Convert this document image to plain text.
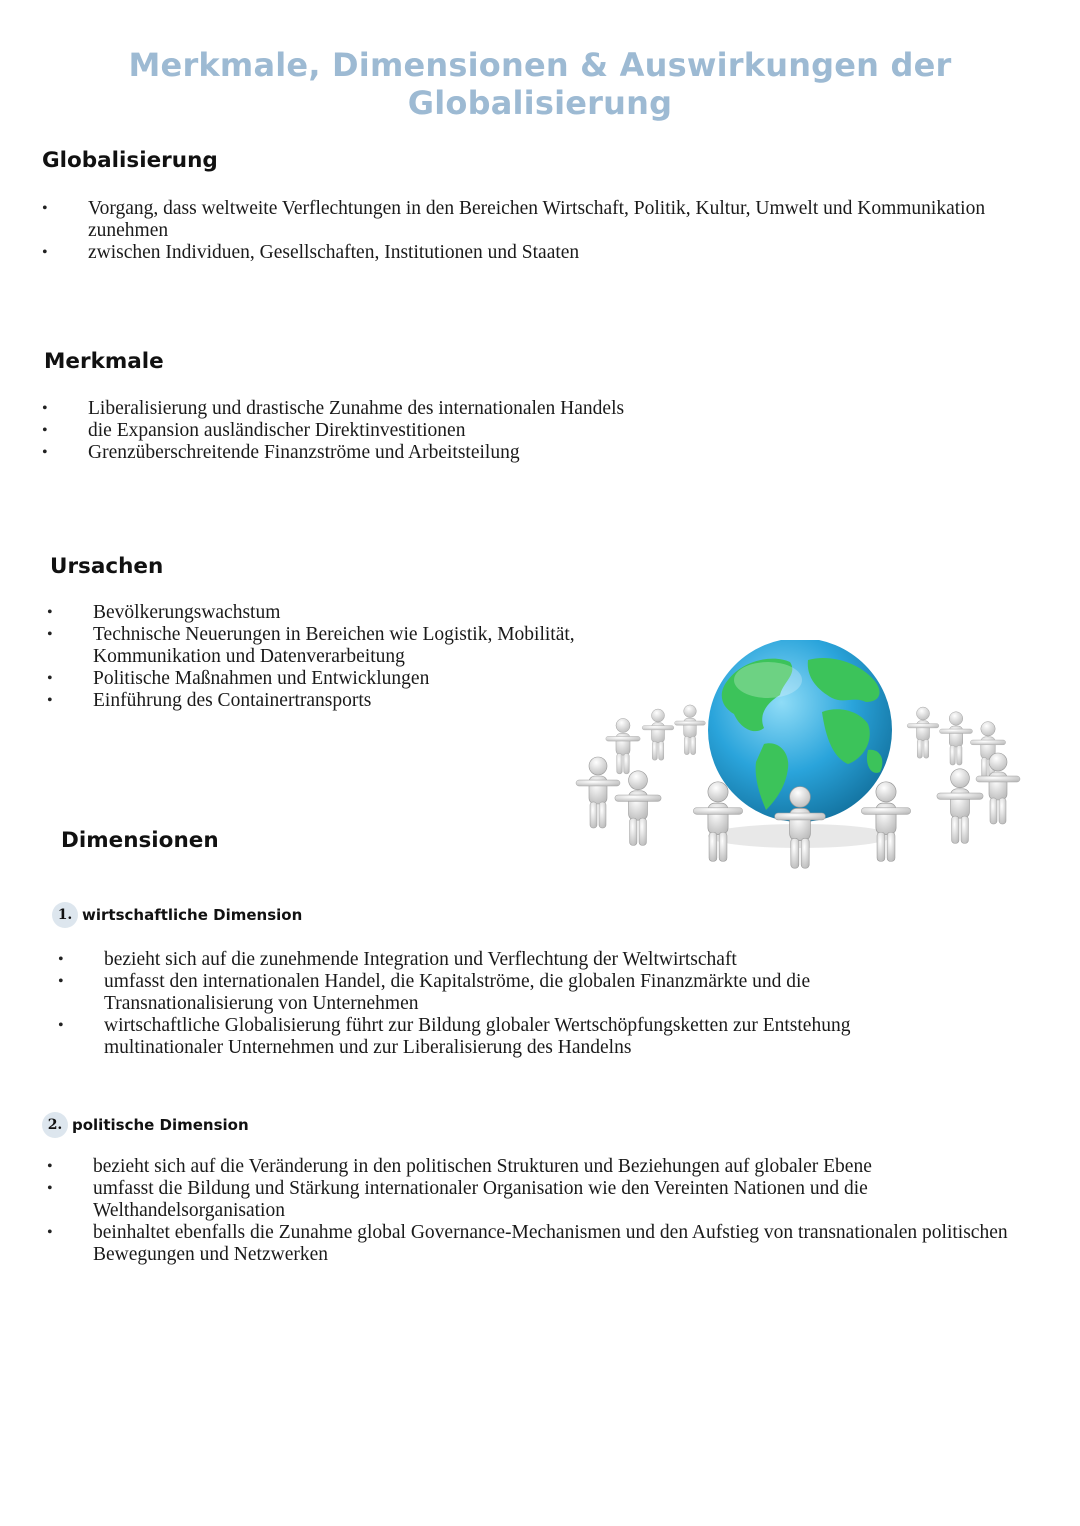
Merkmale, Dimensionen & Auswirkungen der Globalisierung
Globalisierung
• Vorgang, dass weltweite Verflechtungen in den Bereichen Wirtschaft, Politik, Kultur, Umwelt und Kommunikation zunehmen
• zwischen Individuen, Gesellschaften, Institutionen und Staaten
Merkmale
• Liberalisierung und drastische Zunahme des internationalen Handels
• die Expansion ausländischer Direktinvestitionen
• Grenzüberschreitende Finanzströme und Arbeitsteilung
Ursachen
• Bevölkerungswachstum
• Technische Neuerungen in Bereichen wie Logistik, Mobilität, Kommunikation und Datenverarbeitung
• Politische Maßnahmen und Entwicklungen
• Einführung des Containertransports
Dimensionen
1. wirtschaftliche Dimension
• bezieht sich auf die zunehmende Integration und Verflechtung der Weltwirtschaft
• umfasst den internationalen Handel, die Kapitalströme, die globalen Finanzmärkte und die Transnationalisierung von Unternehmen
• wirtschaftliche Globalisierung führt zur Bildung globaler Wertschöpfungsketten zur Entstehung multinationaler Unternehmen und zur Liberalisierung des Handelns
2. politische Dimension
• bezieht sich auf die Veränderung in den politischen Strukturen und Beziehungen auf globaler Ebene
• umfasst die Bildung und Stärkung internationaler Organisation wie den Vereinten Nationen und die Welthandelsorganisation
• beinhaltet ebenfalls die Zunahme global Governance-Mechanismen und den Aufstieg von transnationalen politischen Bewegungen und Netzwerken
